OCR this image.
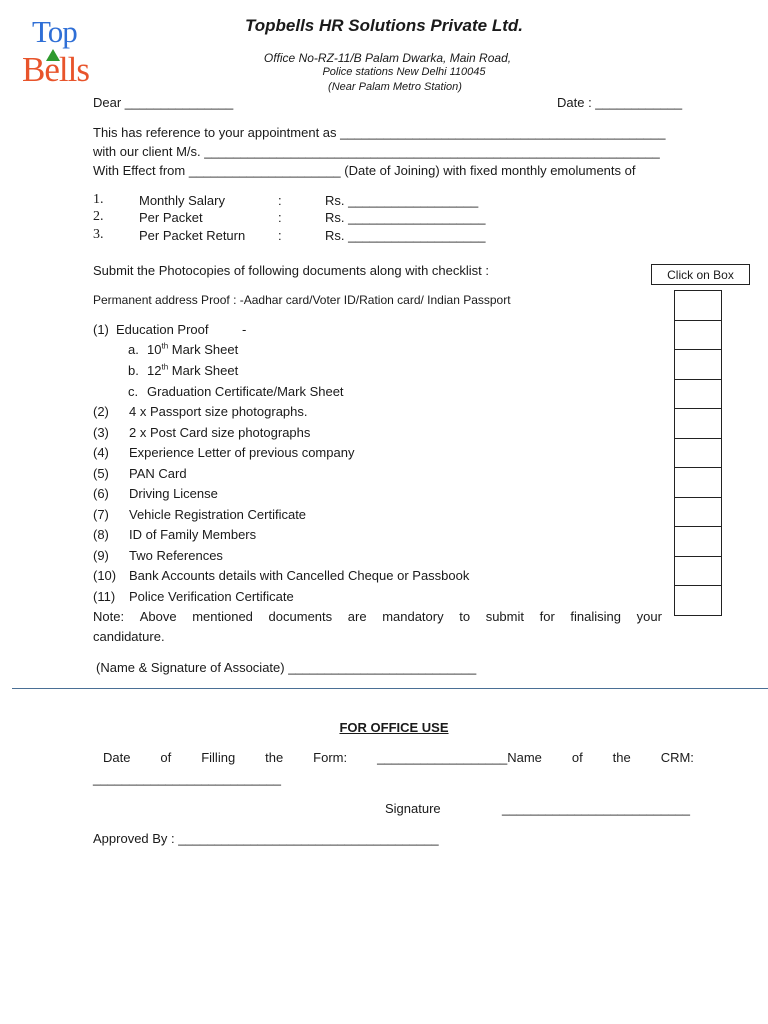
Top
Bells
Topbells HR Solutions Private Ltd.
Office No-RZ-11/B Palam Dwarka, Main Road,
Police stations New Delhi 110045
(Near Palam Metro Station)
Dear _______________	Date : ____________
This has reference to your appointment as _____________________________________________
with our client M/s. _______________________________________________________________
With Effect from _____________________ (Date of Joining) with fixed monthly emoluments of
1.	Monthly Salary	:	Rs. __________________
2.	Per Packet	:	Rs. ___________________
3.	Per Packet Return	:	Rs. ___________________
Submit the Photocopies of following documents along with checklist :	Click on Box
Permanent address Proof : -Aadhar card/Voter ID/Ration card/ Indian Passport
(1) Education Proof	-
a. 10th Mark Sheet
b. 12th Mark Sheet
c. Graduation Certificate/Mark Sheet
(2) 4 x Passport size photographs.
(3) 2 x Post Card size photographs
(4) Experience Letter of previous company
(5) PAN Card
(6) Driving License
(7) Vehicle Registration Certificate
(8) ID of Family Members
(9) Two References
(10) Bank Accounts details with Cancelled Cheque or Passbook
(11) Police Verification Certificate
Note: Above mentioned documents are mandatory to submit for finalising your
candidature.
(Name & Signature of Associate) __________________________
FOR OFFICE USE
Date of Filling the Form: __________________Name of the CRM:
__________________________
Signature	__________________________
Approved By : ____________________________________
